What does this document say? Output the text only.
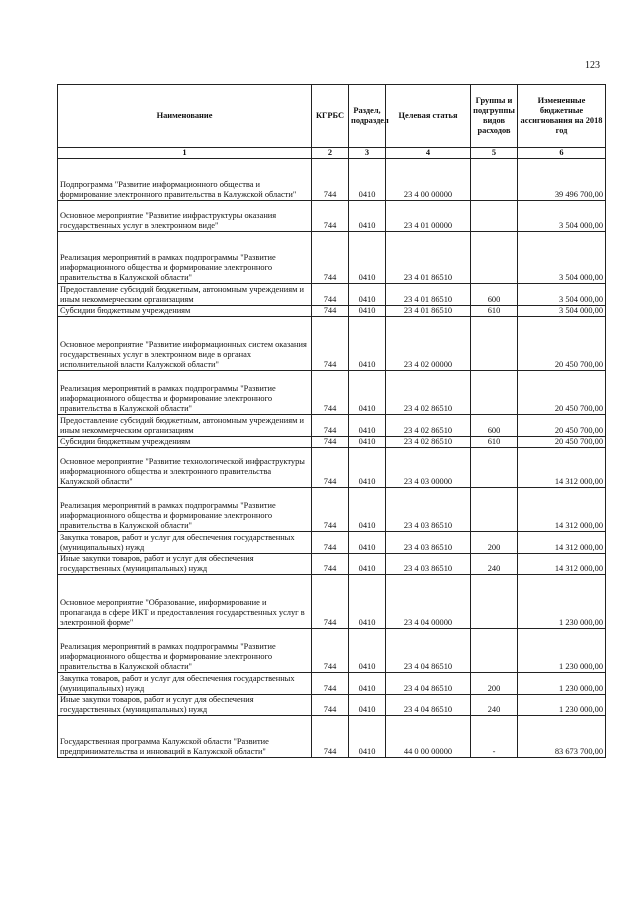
123
Наименование	КГРБС	Раздел, подраздел	Целевая статья	Группы и подгруппы видов расходов	Измененные бюджетные ассигнования на 2018 год
1	2	3	4	5	6
Подпрограмма "Развитие информационного общества и формирование электронного правительства в Калужской области"	744	0410	23 4 00 00000		39 496 700,00
Основное мероприятие "Развитие инфраструктуры оказания государственных услуг в электронном виде"	744	0410	23 4 01 00000		3 504 000,00
Реализация мероприятий в рамках подпрограммы "Развитие информационного общества и формирование электронного правительства в Калужской области"	744	0410	23 4 01 86510		3 504 000,00
Предоставление субсидий бюджетным, автономным учреждениям и иным некоммерческим организациям	744	0410	23 4 01 86510	600	3 504 000,00
Субсидии бюджетным учреждениям	744	0410	23 4 01 86510	610	3 504 000,00
Основное мероприятие "Развитие информационных систем оказания государственных услуг в электронном виде в органах исполнительной власти Калужской области"	744	0410	23 4 02 00000		20 450 700,00
Реализация мероприятий в рамках подпрограммы "Развитие информационного общества и формирование электронного правительства в Калужской области"	744	0410	23 4 02 86510		20 450 700,00
Предоставление субсидий бюджетным, автономным учреждениям и иным некоммерческим организациям	744	0410	23 4 02 86510	600	20 450 700,00
Субсидии бюджетным учреждениям	744	0410	23 4 02 86510	610	20 450 700,00
Основное мероприятие "Развитие технологической инфраструктуры информационного общества и электронного правительства Калужской области"	744	0410	23 4 03 00000		14 312 000,00
Реализация мероприятий в рамках подпрограммы "Развитие информационного общества и формирование электронного правительства в Калужской области"	744	0410	23 4 03 86510		14 312 000,00
Закупка товаров, работ и услуг для обеспечения государственных (муниципальных) нужд	744	0410	23 4 03 86510	200	14 312 000,00
Иные закупки товаров, работ и услуг для обеспечения государственных (муниципальных) нужд	744	0410	23 4 03 86510	240	14 312 000,00
Основное мероприятие "Образование, информирование и пропаганда в сфере ИКТ и предоставления государственных услуг в электронной форме"	744	0410	23 4 04 00000		1 230 000,00
Реализация мероприятий в рамках подпрограммы "Развитие информационного общества и формирование электронного правительства в Калужской области"	744	0410	23 4 04 86510		1 230 000,00
Закупка товаров, работ и услуг для обеспечения государственных (муниципальных) нужд	744	0410	23 4 04 86510	200	1 230 000,00
Иные закупки товаров, работ и услуг для обеспечения государственных (муниципальных) нужд	744	0410	23 4 04 86510	240	1 230 000,00
Государственная программа Калужской области "Развитие предпринимательства и инноваций в Калужской области"	744	0410	44 0 00 00000	-	83 673 700,00
